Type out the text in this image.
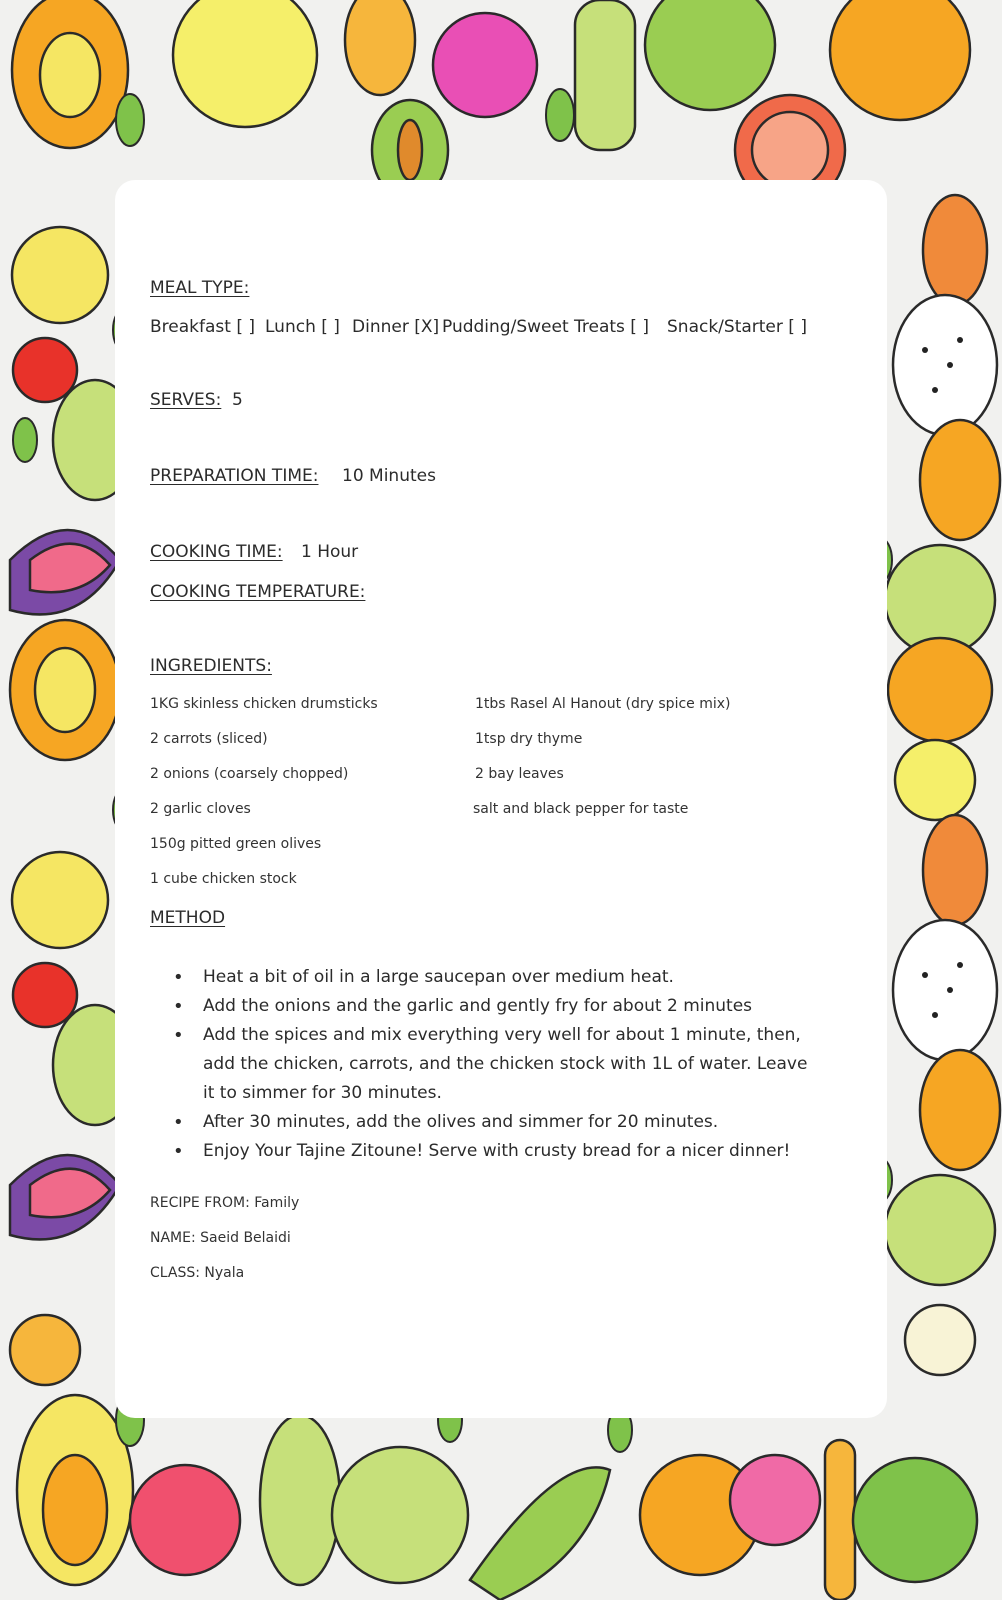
MEAL TYPE:
Breakfast [ ] Lunch [ ] Dinner [X] Pudding/Sweet Treats [ ] Snack/Starter [ ]
SERVES: 5
PREPARATION TIME: 10 Minutes
COOKING TIME: 1 Hour
COOKING TEMPERATURE:
INGREDIENTS:
1KG skinless chicken drumsticks
2 carrots (sliced)
2 onions (coarsely chopped)
2 garlic cloves
150g pitted green olives
1 cube chicken stock
1tbs Rasel Al Hanout (dry spice mix)
1tsp dry thyme
2 bay leaves
salt and black pepper for taste
METHOD
• Heat a bit of oil in a large saucepan over medium heat.
• Add the onions and the garlic and gently fry for about 2 minutes
• Add the spices and mix everything very well for about 1 minute, then, add the chicken, carrots, and the chicken stock with 1L of water. Leave it to simmer for 30 minutes.
• After 30 minutes, add the olives and simmer for 20 minutes.
• Enjoy Your Tajine Zitoune! Serve with crusty bread for a nicer dinner!
RECIPE FROM: Family
NAME: Saeid Belaidi
CLASS: Nyala
